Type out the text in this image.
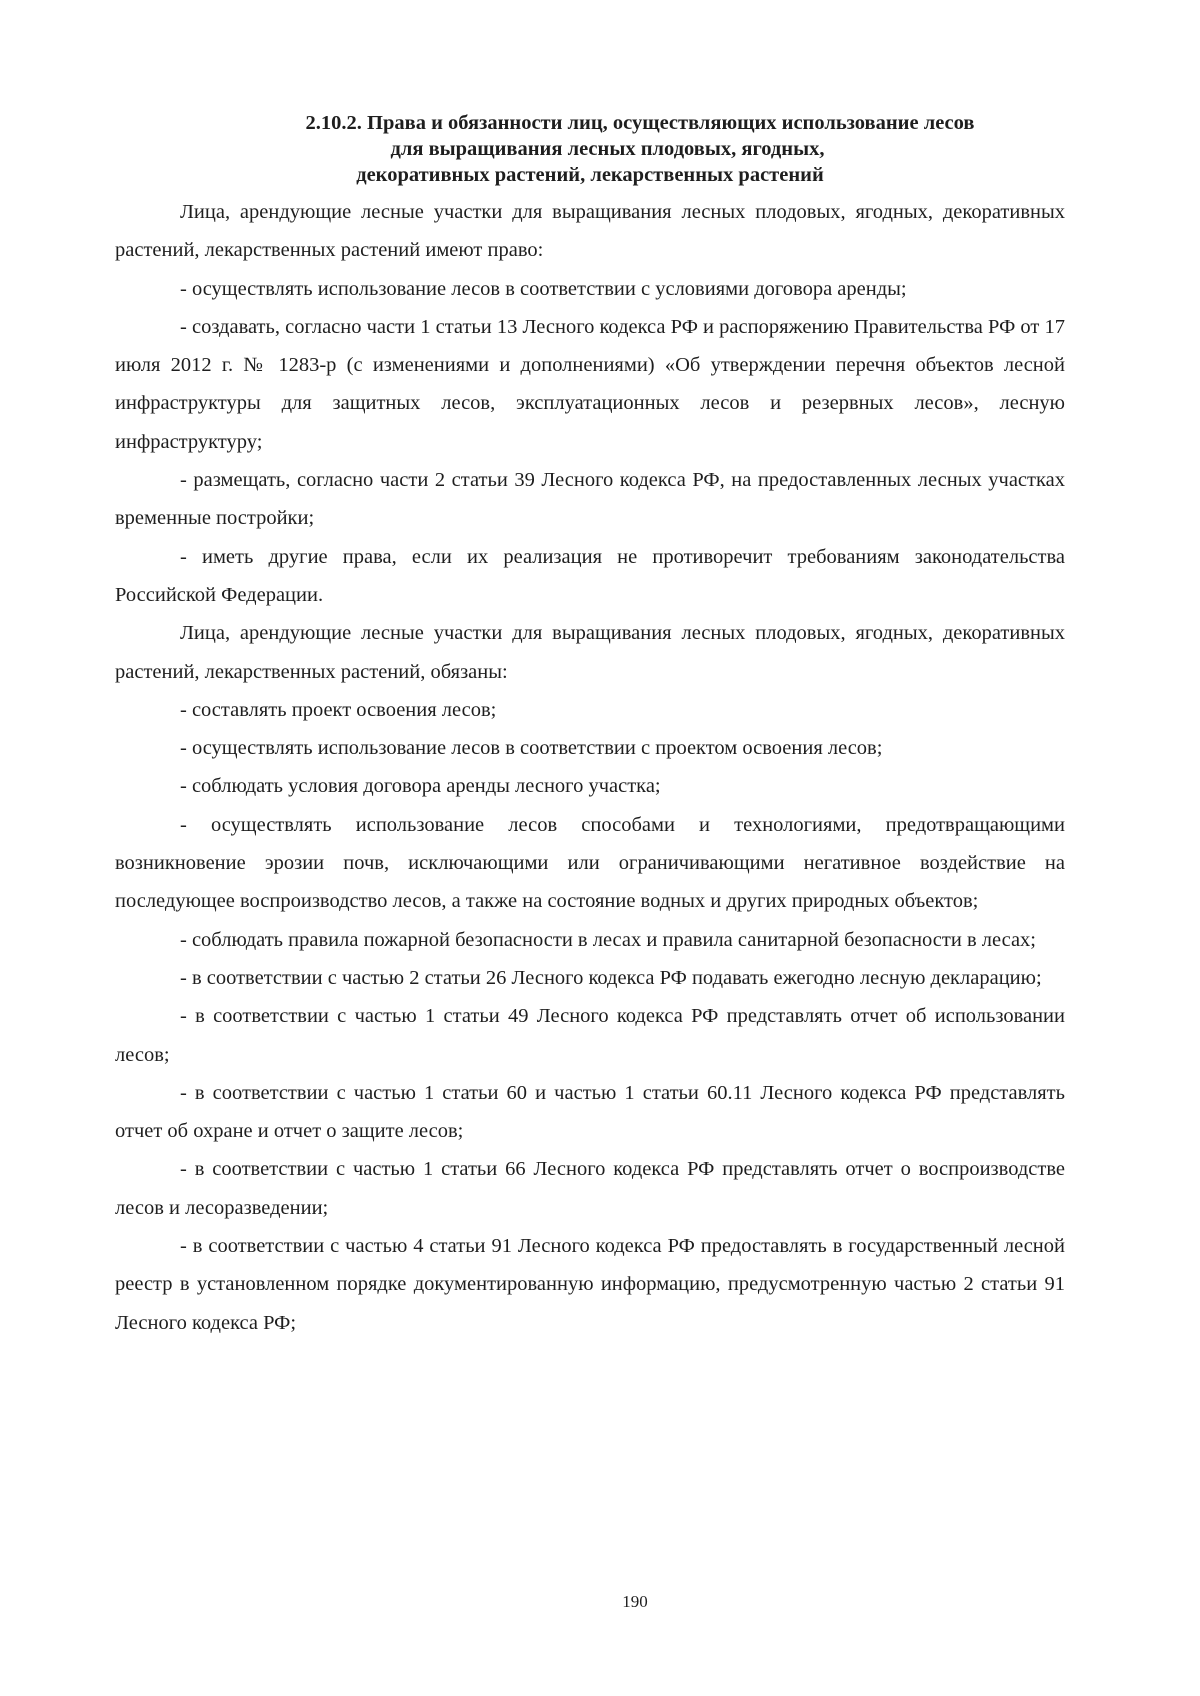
2.10.2. Права и обязанности лиц, осуществляющих использование лесов
для выращивания лесных плодовых, ягодных,
декоративных растений, лекарственных растений

Лица, арендующие лесные участки для выращивания лесных плодовых, ягодных, декоративных растений, лекарственных растений имеют право:

- осуществлять использование лесов в соответствии с условиями договора аренды;

- создавать, согласно части 1 статьи 13 Лесного кодекса РФ и распоряжению Правительства РФ от 17 июля 2012 г. № 1283-р (с изменениями и дополнениями) «Об утверждении перечня объектов лесной инфраструктуры для защитных лесов, эксплуатационных лесов и резервных лесов», лесную инфраструктуру;

- размещать, согласно части 2 статьи 39 Лесного кодекса РФ, на предоставленных лесных участках временные постройки;

- иметь другие права, если их реализация не противоречит требованиям законодательства Российской Федерации.

Лица, арендующие лесные участки для выращивания лесных плодовых, ягодных, декоративных растений, лекарственных растений, обязаны:

- составлять проект освоения лесов;

- осуществлять использование лесов в соответствии с проектом освоения лесов;

- соблюдать условия договора аренды лесного участка;

- осуществлять использование лесов способами и технологиями, предотвращающими возникновение эрозии почв, исключающими или ограничивающими негативное воздействие на последующее воспроизводство лесов, а также на состояние водных и других природных объектов;

- соблюдать правила пожарной безопасности в лесах и правила санитарной безопасности в лесах;

- в соответствии с частью 2 статьи 26 Лесного кодекса РФ подавать ежегодно лесную декларацию;

- в соответствии с частью 1 статьи 49 Лесного кодекса РФ представлять отчет об использовании лесов;

- в соответствии с частью 1 статьи 60 и частью 1 статьи 60.11 Лесного кодекса РФ представлять отчет об охране и отчет о защите лесов;

- в соответствии с частью 1 статьи 66 Лесного кодекса РФ представлять отчет о воспроизводстве лесов и лесоразведении;

- в соответствии с частью 4 статьи 91 Лесного кодекса РФ предоставлять в государственный лесной реестр в установленном порядке документированную информацию, предусмотренную частью 2 статьи 91 Лесного кодекса РФ;

190
